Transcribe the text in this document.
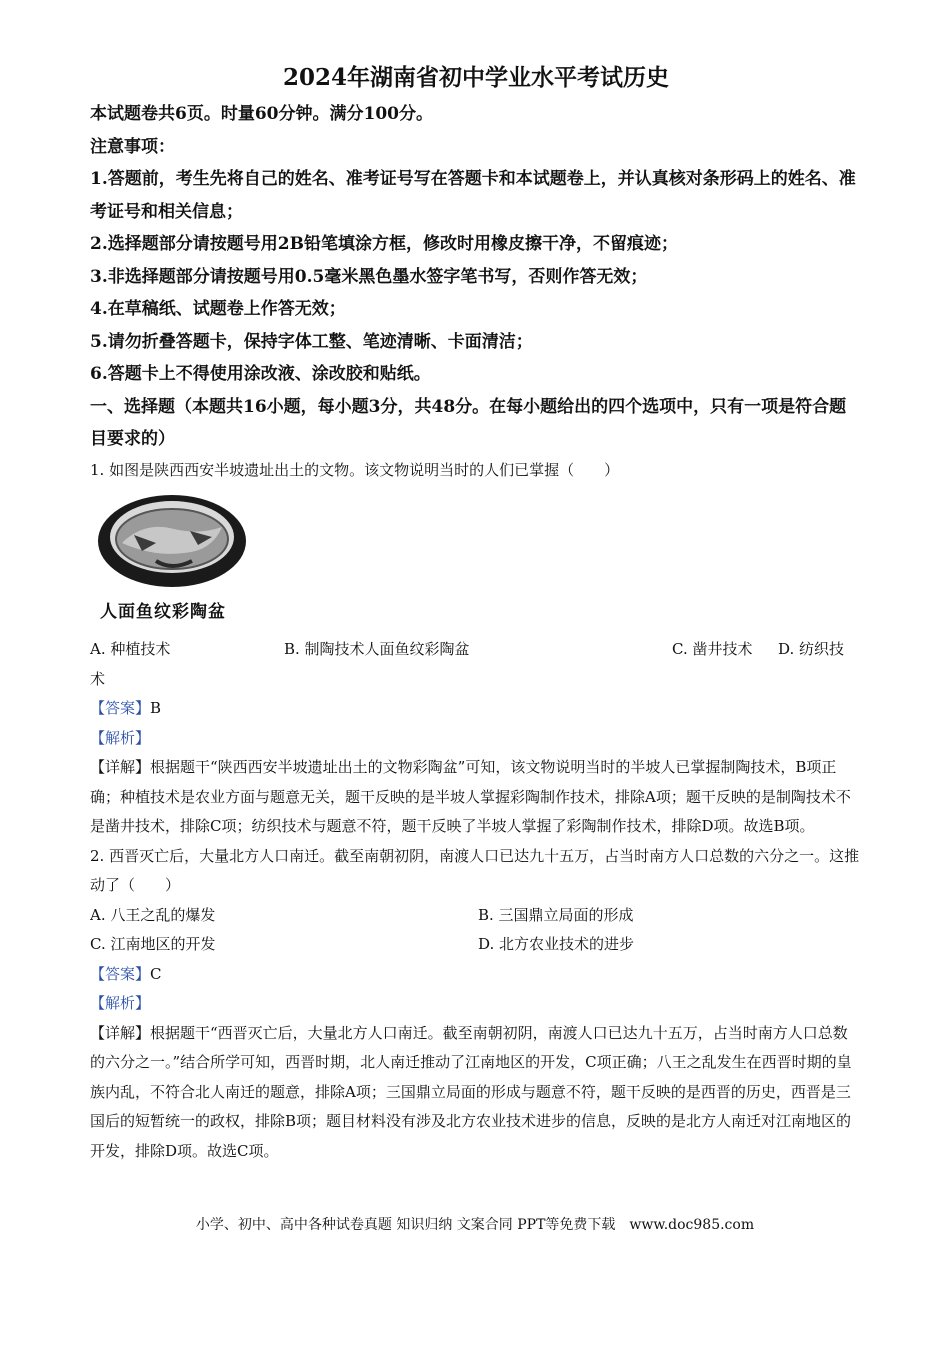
2024年湖南省初中学业水平考试历史

本试题卷共6页。时量60分钟。满分100分。

注意事项：

1.答题前，考生先将自己的姓名、准考证号写在答题卡和本试题卷上，并认真核对条形码上的姓名、准考证号和相关信息；

2.选择题部分请按题号用2B铅笔填涂方框，修改时用橡皮擦干净，不留痕迹；

3.非选择题部分请按题号用0.5毫米黑色墨水签字笔书写，否则作答无效；

4.在草稿纸、试题卷上作答无效；

5.请勿折叠答题卡，保持字体工整、笔迹清晰、卡面清洁；

6.答题卡上不得使用涂改液、涂改胶和贴纸。

一、选择题（本题共16小题，每小题3分，共48分。在每小题给出的四个选项中，只有一项是符合题目要求的）

1. 如图是陕西西安半坡遗址出土的文物。该文物说明当时的人们已掌握（　　）

人面鱼纹彩陶盆
A. 种植技术	B. 制陶技术人面鱼纹彩陶盆	C. 凿井技术 D. 纺织技

术

【答案】B

【解析】

【详解】根据题干“陕西西安半坡遗址出土的文物彩陶盆”可知，该文物说明当时的半坡人已掌握制陶技术，B项正确；种植技术是农业方面与题意无关，题干反映的是半坡人掌握彩陶制作技术，排除A项；题干反映的是制陶技术不是凿井技术，排除C项；纺织技术与题意不符，题干反映了半坡人掌握了彩陶制作技术，排除D项。故选B项。

2. 西晋灭亡后，大量北方人口南迁。截至南朝初阴，南渡人口已达九十五万，占当时南方人口总数的六分之一。这推动了（　　）

A. 八王之乱的爆发	B. 三国鼎立局面的形成
C. 江南地区的开发	D. 北方农业技术的进步

【答案】C

【解析】

【详解】根据题干“西晋灭亡后，大量北方人口南迁。截至南朝初阴，南渡人口已达九十五万，占当时南方人口总数的六分之一。”结合所学可知，西晋时期，北人南迁推动了江南地区的开发，C项正确；八王之乱发生在西晋时期的皇族内乱，不符合北人南迁的题意，排除A项；三国鼎立局面的形成与题意不符，题干反映的是西晋的历史，西晋是三国后的短暂统一的政权，排除B项；题目材料没有涉及北方农业技术进步的信息，反映的是北方人南迁对江南地区的开发，排除D项。故选C项。

小学、初中、高中各种试卷真题 知识归纳 文案合同 PPT等免费下载　www.doc985.com
